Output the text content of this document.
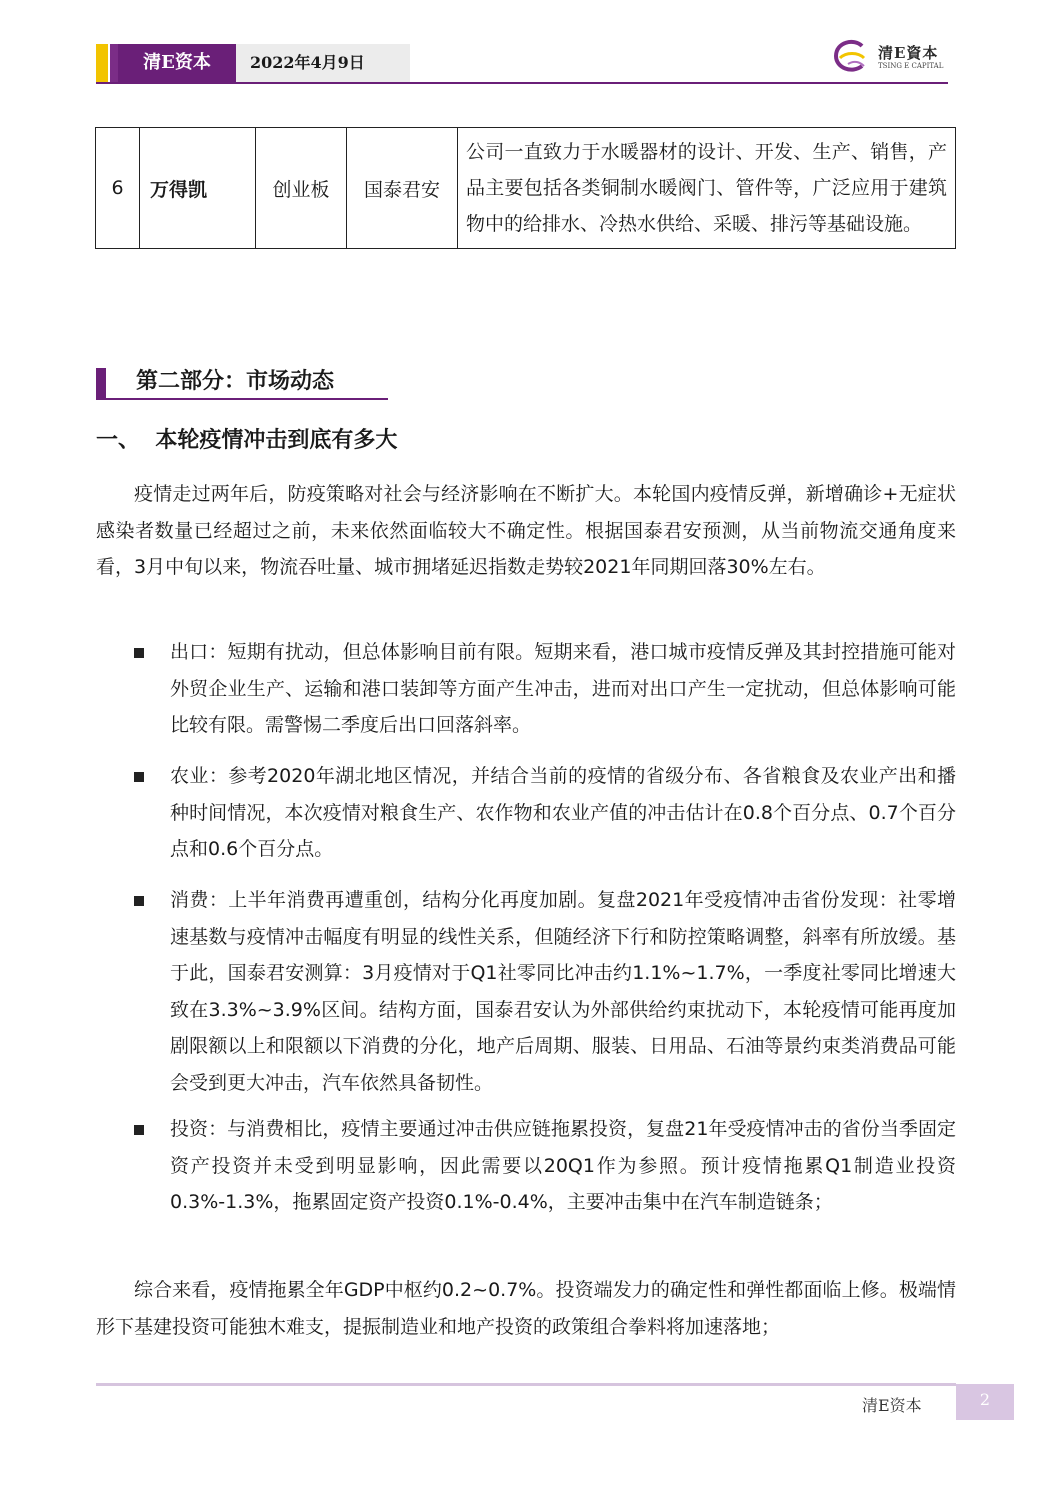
清E资本	2022年4月9日	清E資本
TSING E CAPITAL
6	万得凯	创业板	国泰君安	公司一直致力于水暖器材的设计、开发、生产、销售，产品主要包括各类铜制水暖阀门、管件等，广泛应用于建筑物中的给排水、冷热水供给、采暖、排污等基础设施。
第二部分：市场动态
一、  本轮疫情冲击到底有多大

疫情走过两年后，防疫策略对社会与经济影响在不断扩大。本轮国内疫情反弹，新增确诊+无症状感染者数量已经超过之前，未来依然面临较大不确定性。根据国泰君安预测，从当前物流交通角度来看，3月中旬以来，物流吞吐量、城市拥堵延迟指数走势较2021年同期回落30%左右。

出口：短期有扰动，但总体影响目前有限。短期来看，港口城市疫情反弹及其封控措施可能对外贸企业生产、运输和港口装卸等方面产生冲击，进而对出口产生一定扰动，但总体影响可能比较有限。需警惕二季度后出口回落斜率。
农业：参考2020年湖北地区情况，并结合当前的疫情的省级分布、各省粮食及农业产出和播种时间情况，本次疫情对粮食生产、农作物和农业产值的冲击估计在0.8个百分点、0.7个百分点和0.6个百分点。
消费：上半年消费再遭重创，结构分化再度加剧。复盘2021年受疫情冲击省份发现：社零增速基数与疫情冲击幅度有明显的线性关系，但随经济下行和防控策略调整，斜率有所放缓。基于此，国泰君安测算：3月疫情对于Q1社零同比冲击约1.1%~1.7%，一季度社零同比增速大致在3.3%~3.9%区间。结构方面，国泰君安认为外部供给约束扰动下，本轮疫情可能再度加剧限额以上和限额以下消费的分化，地产后周期、服装、日用品、石油等景约束类消费品可能会受到更大冲击，汽车依然具备韧性。
投资：与消费相比，疫情主要通过冲击供应链拖累投资，复盘21年受疫情冲击的省份当季固定资产投资并未受到明显影响，因此需要以20Q1作为参照。预计疫情拖累Q1制造业投资0.3%-1.3%，拖累固定资产投资0.1%-0.4%，主要冲击集中在汽车制造链条；

综合来看，疫情拖累全年GDP中枢约0.2~0.7%。投资端发力的确定性和弹性都面临上修。极端情形下基建投资可能独木难支，提振制造业和地产投资的政策组合拳料将加速落地；

清E资本	2
